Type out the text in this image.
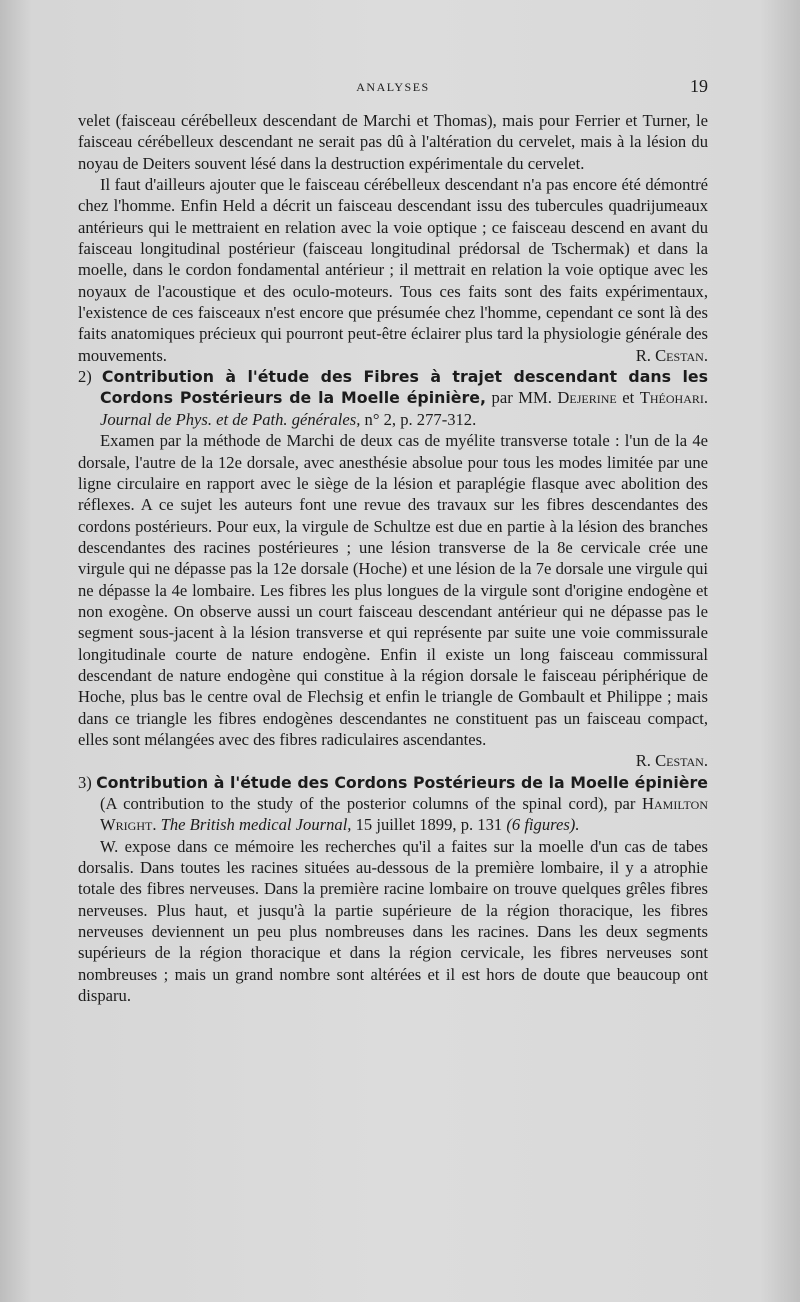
ANALYSES	19

velet (faisceau cérébelleux descendant de Marchi et Thomas), mais pour Ferrier et Turner, le faisceau cérébelleux descendant ne serait pas dû à l'altération du cervelet, mais à la lésion du noyau de Deiters souvent lésé dans la destruction expérimentale du cervelet.

Il faut d'ailleurs ajouter que le faisceau cérébelleux descendant n'a pas encore été démontré chez l'homme. Enfin Held a décrit un faisceau descendant issu des tubercules quadrijumeaux antérieurs qui le mettraient en relation avec la voie optique ; ce faisceau descend en avant du faisceau longitudinal postérieur (faisceau longitudinal prédorsal de Tschermak) et dans la moelle, dans le cordon fondamental antérieur ; il mettrait en relation la voie optique avec les noyaux de l'acoustique et des oculo-moteurs. Tous ces faits sont des faits expérimentaux, l'existence de ces faisceaux n'est encore que présumée chez l'homme, cependant ce sont là des faits anatomiques précieux qui pourront peut-être éclairer plus tard la physiologie générale des mouvements.	R. Cestan.

2) Contribution à l'étude des Fibres à trajet descendant dans les Cordons Postérieurs de la Moelle épinière, par MM. Dejerine et Théohari. Journal de Phys. et de Path. générales, n° 2, p. 277-312.

Examen par la méthode de Marchi de deux cas de myélite transverse totale : l'un de la 4e dorsale, l'autre de la 12e dorsale, avec anesthésie absolue pour tous les modes limitée par une ligne circulaire en rapport avec le siège de la lésion et paraplégie flasque avec abolition des réflexes. A ce sujet les auteurs font une revue des travaux sur les fibres descendantes des cordons postérieurs. Pour eux, la virgule de Schultze est due en partie à la lésion des branches descendantes des racines postérieures ; une lésion transverse de la 8e cervicale crée une virgule qui ne dépasse pas la 12e dorsale (Hoche) et une lésion de la 7e dorsale une virgule qui ne dépasse la 4e lombaire. Les fibres les plus longues de la virgule sont d'origine endogène et non exogène. On observe aussi un court faisceau descendant antérieur qui ne dépasse pas le segment sous-jacent à la lésion transverse et qui représente par suite une voie commissurale longitudinale courte de nature endogène. Enfin il existe un long faisceau commissural descendant de nature endogène qui constitue à la région dorsale le faisceau périphérique de Hoche, plus bas le centre oval de Flechsig et enfin le triangle de Gombault et Philippe ; mais dans ce triangle les fibres endogènes descendantes ne constituent pas un faisceau compact, elles sont mélangées avec des fibres radiculaires ascendantes.

R. Cestan.

3) Contribution à l'étude des Cordons Postérieurs de la Moelle épinière (A contribution to the study of the posterior columns of the spinal cord), par Hamilton Wright. The British medical Journal, 15 juillet 1899, p. 131 (6 figures).

W. expose dans ce mémoire les recherches qu'il a faites sur la moelle d'un cas de tabes dorsalis. Dans toutes les racines situées au-dessous de la première lombaire, il y a atrophie totale des fibres nerveuses. Dans la première racine lombaire on trouve quelques grêles fibres nerveuses. Plus haut, et jusqu'à la partie supérieure de la région thoracique, les fibres nerveuses deviennent un peu plus nombreuses dans les racines. Dans les deux segments supérieurs de la région thoracique et dans la région cervicale, les fibres nerveuses sont nombreuses ; mais un grand nombre sont altérées et il est hors de doute que beaucoup ont disparu.
